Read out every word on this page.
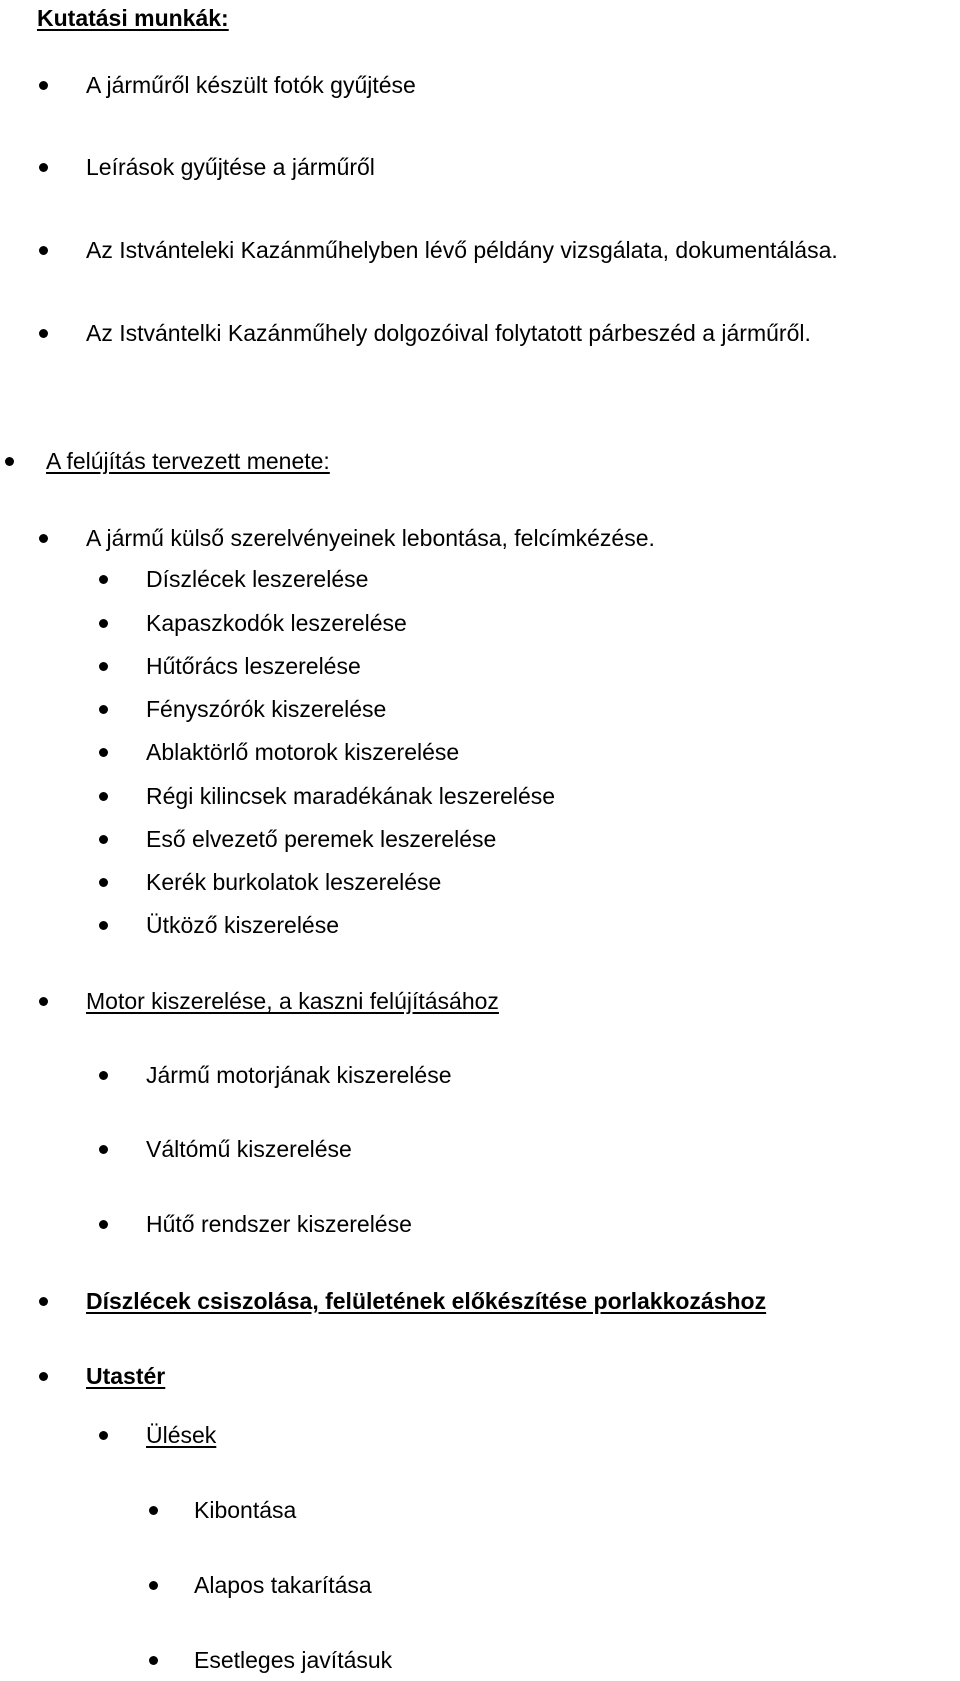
Kutatási munkák:
A járműről készült fotók gyűjtése
Leírások gyűjtése a járműről
Az Istvánteleki Kazánműhelyben lévő példány vizsgálata, dokumentálása.
Az Istvántelki Kazánműhely dolgozóival folytatott párbeszéd a járműről.
A felújítás tervezett menete:
A jármű külső szerelvényeinek lebontása, felcímkézése.
Díszlécek leszerelése
Kapaszkodók leszerelése
Hűtőrács leszerelése
Fényszórók kiszerelése
Ablaktörlő motorok kiszerelése
Régi kilincsek maradékának leszerelése
Eső elvezető peremek leszerelése
Kerék burkolatok leszerelése
Ütköző kiszerelése
Motor kiszerelése, a kaszni felújításához
Jármű motorjának kiszerelése
Váltómű kiszerelése
Hűtő rendszer kiszerelése
Díszlécek csiszolása, felületének előkészítése porlakkozáshoz
Utastér
Ülések
Kibontása
Alapos takarítása
Esetleges javításuk
